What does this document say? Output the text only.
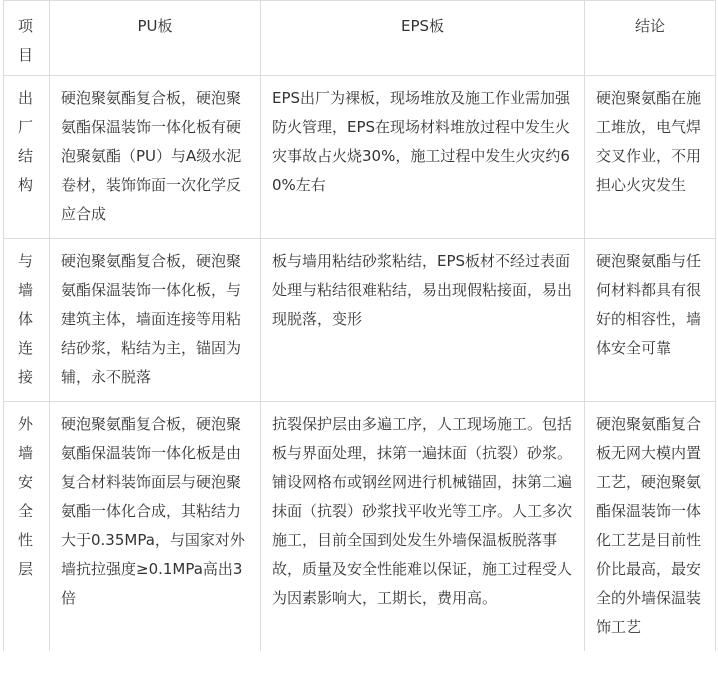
项目	PU板	EPS板	结论
出厂结构	硬泡聚氨酯复合板，硬泡聚氨酯保温装饰一体化板有硬泡聚氨酯（PU）与A级水泥卷材，装饰饰面一次化学反应合成	EPS出厂为裸板，现场堆放及施工作业需加强防火管理，EPS在现场材料堆放过程中发生火灾事故占火烧30%，施工过程中发生火灾约60%左右	硬泡聚氨酯在施工堆放，电气焊交叉作业，不用担心火灾发生
与墙体连接	硬泡聚氨酯复合板，硬泡聚氨酯保温装饰一体化板，与建筑主体，墙面连接等用粘结砂浆，粘结为主，锚固为辅，永不脱落	板与墙用粘结砂浆粘结，EPS板材不经过表面处理与粘结很难粘结，易出现假粘接面，易出现脱落，变形	硬泡聚氨酯与任何材料都具有很好的相容性，墙体安全可靠
外墙安全性层	硬泡聚氨酯复合板，硬泡聚氨酯保温装饰一体化板是由复合材料装饰面层与硬泡聚氨酯一体化合成，其粘结力大于0.35MPa，与国家对外墙抗拉强度≥0.1MPa高出3倍	抗裂保护层由多遍工序，人工现场施工。包括板与界面处理，抹第一遍抹面（抗裂）砂浆。铺设网格布或钢丝网进行机械锚固，抹第二遍抹面（抗裂）砂浆找平收光等工序。人工多次施工，目前全国到处发生外墙保温板脱落事故，质量及安全性能难以保证，施工过程受人为因素影响大，工期长，费用高。	硬泡聚氨酯复合板无网大模内置工艺，硬泡聚氨酯保温装饰一体化工艺是目前性价比最高，最安全的外墙保温装饰工艺
